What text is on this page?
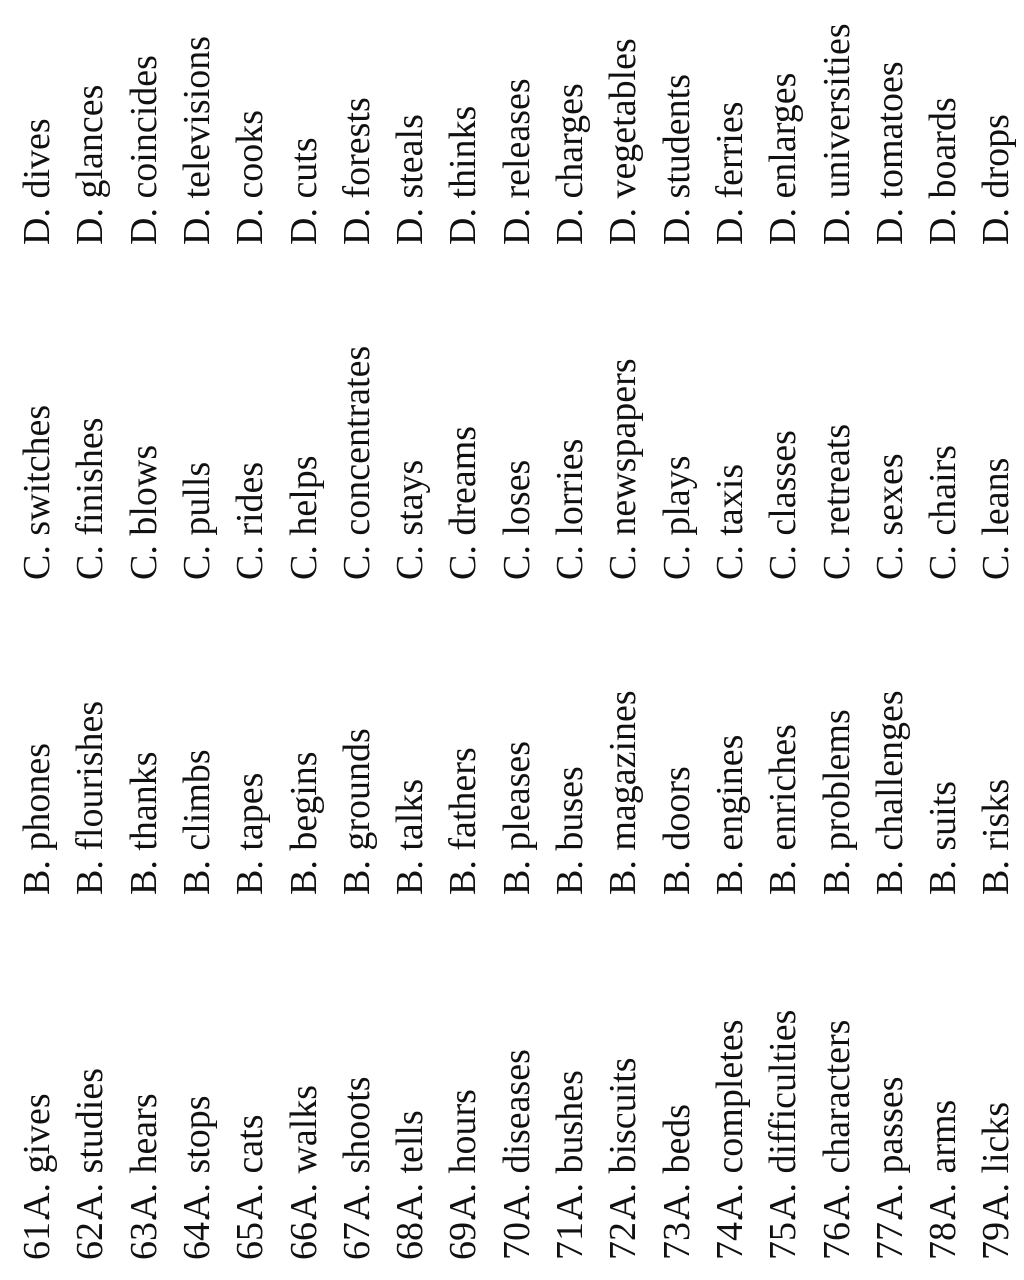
61.
A. gives
B. phones
C. switches
D. dives
62.
A. studies
B. flourishes
C. finishes
D. glances
63.
A. hears
B. thanks
C. blows
D. coincides
64.
A. stops
B. climbs
C. pulls
D. televisions
65.
A. cats
B. tapes
C. rides
D. cooks
66.
A. walks
B. begins
C. helps
D. cuts
67.
A. shoots
B. grounds
C. concentrates
D. forests
68.
A. tells
B. talks
C. stays
D. steals
69.
A. hours
B. fathers
C. dreams
D. thinks
70.
A. diseases
B. pleases
C. loses
D. releases
71.
A. bushes
B. buses
C. lorries
D. charges
72.
A. biscuits
B. magazines
C. newspapers
D. vegetables
73.
A. beds
B. doors
C. plays
D. students
74.
A. completes
B. engines
C. taxis
D. ferries
75.
A. difficulties
B. enriches
C. classes
D. enlarges
76.
A. characters
B. problems
C. retreats
D. universities
77.
A. passes
B. challenges
C. sexes
D. tomatoes
78.
A. arms
B. suits
C. chairs
D. boards
79.
A. licks
B. risks
C. leans
D. drops
